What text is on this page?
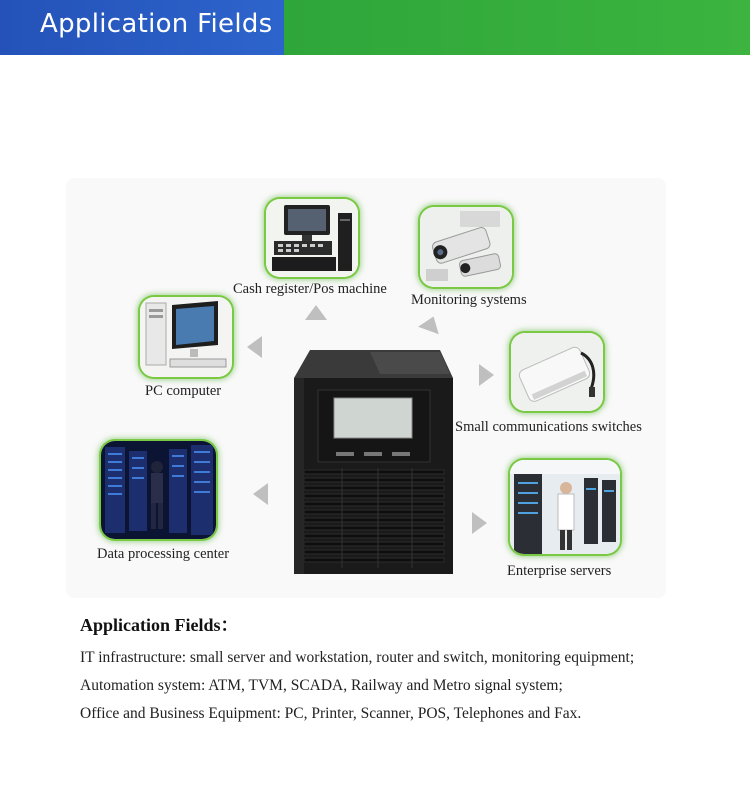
Application Fields
Cash register/Pos machine
Monitoring systems
PC computer
Small communications switches
Data processing center
Enterprise servers
Application Fields：
IT infrastructure: small server and workstation, router and switch, monitoring equipment;
Automation system: ATM, TVM, SCADA, Railway and Metro signal system;
Office and Business Equipment: PC, Printer, Scanner, POS, Telephones and Fax.
